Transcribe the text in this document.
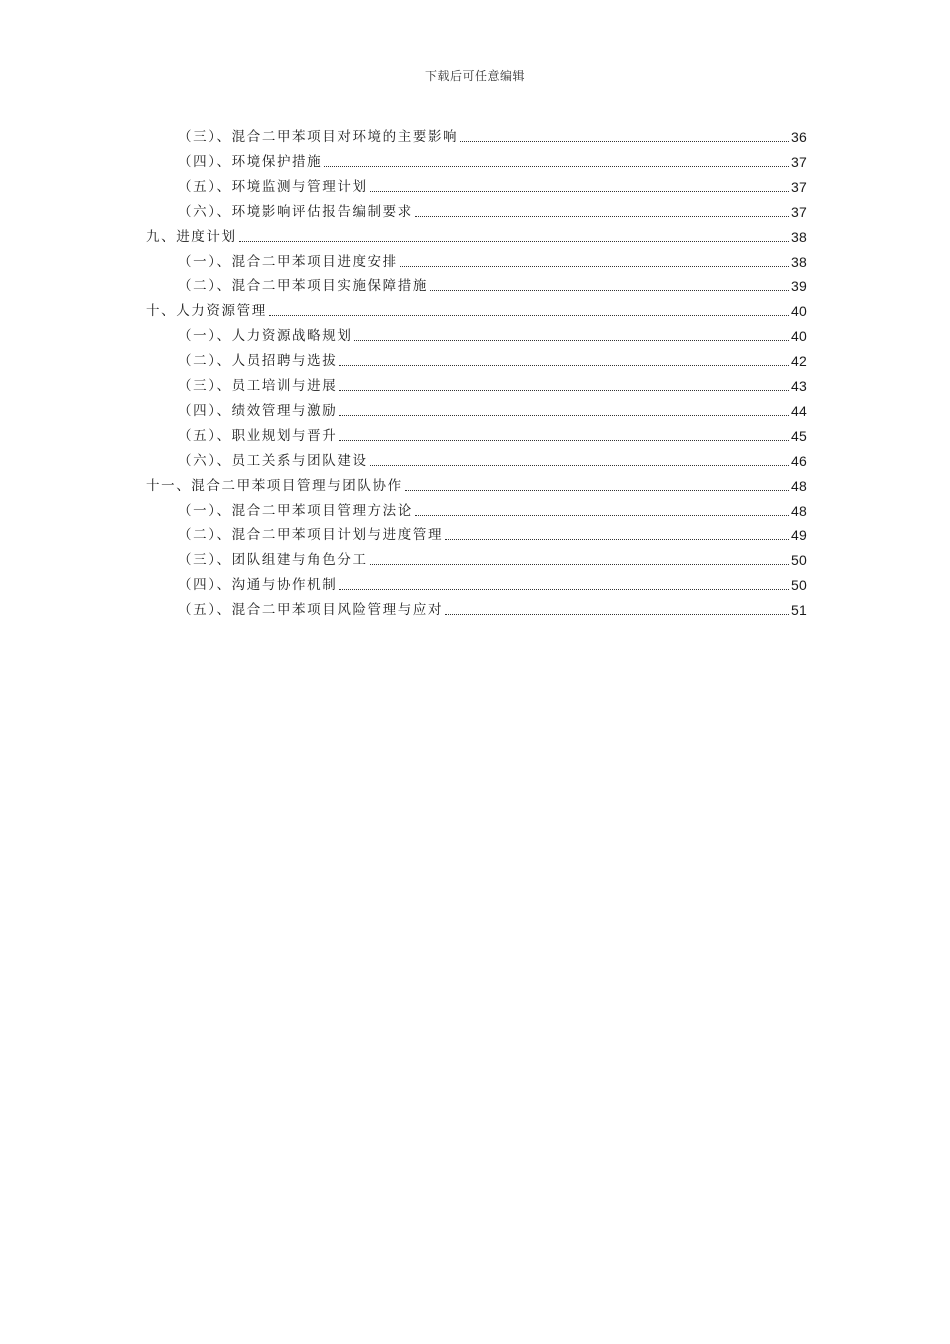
下载后可任意编辑
（三）、混合二甲苯项目对环境的主要影响	36
（四）、环境保护措施	37
（五）、环境监测与管理计划	37
（六）、环境影响评估报告编制要求	37
九、进度计划	38
（一）、混合二甲苯项目进度安排	38
（二）、混合二甲苯项目实施保障措施	39
十、人力资源管理	40
（一）、人力资源战略规划	40
（二）、人员招聘与选拔	42
（三）、员工培训与进展	43
（四）、绩效管理与激励	44
（五）、职业规划与晋升	45
（六）、员工关系与团队建设	46
十一、混合二甲苯项目管理与团队协作	48
（一）、混合二甲苯项目管理方法论	48
（二）、混合二甲苯项目计划与进度管理	49
（三）、团队组建与角色分工	50
（四）、沟通与协作机制	50
（五）、混合二甲苯项目风险管理与应对	51
